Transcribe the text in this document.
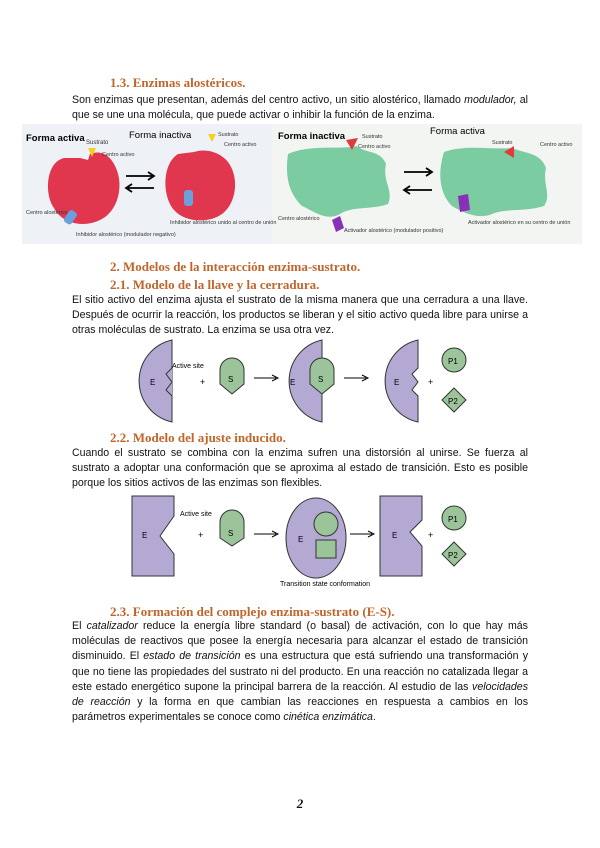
1.3. Enzimas alostéricos.
Son enzimas que presentan, además del centro activo, un sitio alostérico, llamado modulador, al que se une una molécula, que puede activar o inhibir la función de la enzima.
Forma activa	Forma inactiva
Sustrato
Centro activo
Centro alostérico
Inhibidor alostérico (modulador negativo)
Sustrato
Centro activo
Inhibidor alostérico unido al centro de unión
Forma inactiva	Forma activa
Sustrato
Centro activo
Centro alostérico
Activador alostérico (modulador positivo)
Sustrato	Centro activo
Activador alostérico en su centro de unión
2. Modelos de la interacción enzima-sustrato.
2.1. Modelo de la llave y la cerradura.
El sitio activo del enzima ajusta el sustrato de la misma manera que una cerradura a una llave. Después de ocurrir la reacción, los productos se liberan y el sitio activo queda libre para unirse a otras moléculas de sustrato. La enzima se usa otra vez.
E
Active site
+	S	E	S	E	+
P1
P2
2.2. Modelo del ajuste inducido.
Cuando el sustrato se combina con la enzima sufren una distorsión al unirse. Se fuerza al sustrato a adoptar una conformación que se aproxima al estado de transición. Esto es posible porque los sitios activos de las enzimas son flexibles.
E
Active site
+	S
E
Transition state conformation
E	+
P1
P2
2.3. Formación del complejo enzima-sustrato (E-S).
El catalizador reduce la energía libre standard (o basal) de activación, con lo que hay más moléculas de reactivos que posee la energía necesaria para alcanzar el estado de transición disminuido. El estado de transición es una estructura que está sufriendo una transformación y que no tiene las propiedades del sustrato ni del producto. En una reacción no catalizada llegar a este estado energético supone la principal barrera de la reacción. Al estudio de las velocidades de reacción y la forma en que cambian las reacciones en respuesta a cambios en los parámetros experimentales se conoce como cinética enzimática.
2
